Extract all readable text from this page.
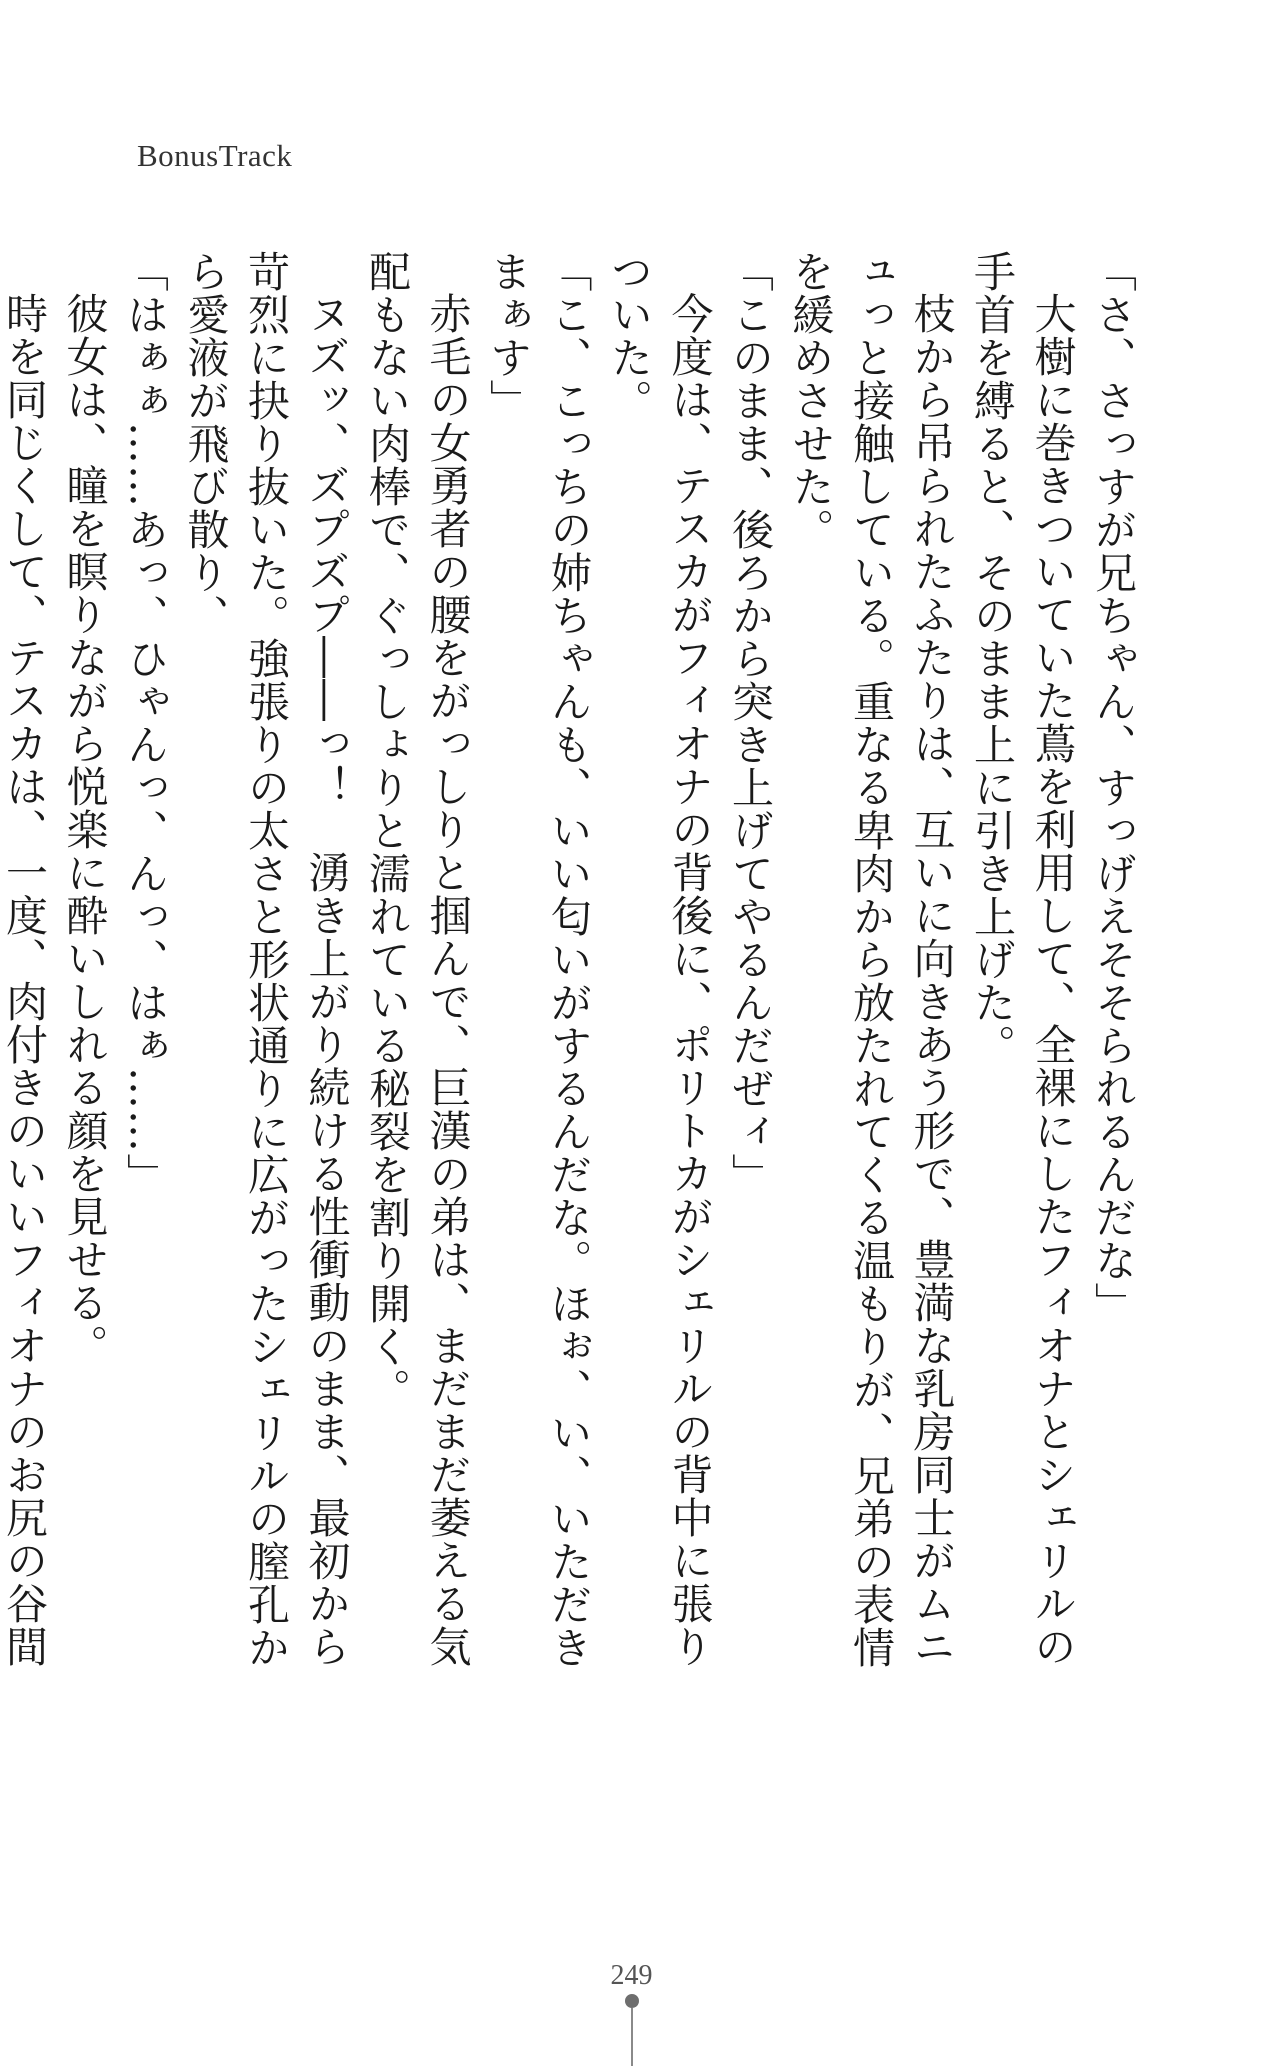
BonusTrack

「さ、さっすが兄ちゃん、すっげえそそられるんだな」

大樹に巻きついていた蔦を利用して、全裸にしたフィオナとシェリルの手首を縛ると、そのまま上に引き上げた。

枝から吊られたふたりは、互いに向きあう形で、豊満な乳房同士がムニュっと接触している。重なる卑肉から放たれてくる温もりが、兄弟の表情を緩めさせた。

「このまま、後ろから突き上げてやるんだぜィ」

今度は、テスカがフィオナの背後に、ポリトカがシェリルの背中に張りついた。

「こ、こっちの姉ちゃんも、いい匂いがするんだな。ほぉ、い、いただきまぁす」

赤毛の女勇者の腰をがっしりと掴んで、巨漢の弟は、まだまだ萎える気配もない肉棒で、ぐっしょりと濡れている秘裂を割り開く。

ヌズッ、ズプズプ――っ！　湧き上がり続ける性衝動のまま、最初から苛烈に抉り抜いた。強張りの太さと形状通りに広がったシェリルの膣孔から愛液が飛び散り、

「はぁぁ……あっ、ひゃんっ、んっ、はぁ……」

彼女は、瞳を瞑りながら悦楽に酔いしれる顔を見せる。

時を同じくして、テスカは、一度、肉付きのいいフィオナのお尻の谷間

249
